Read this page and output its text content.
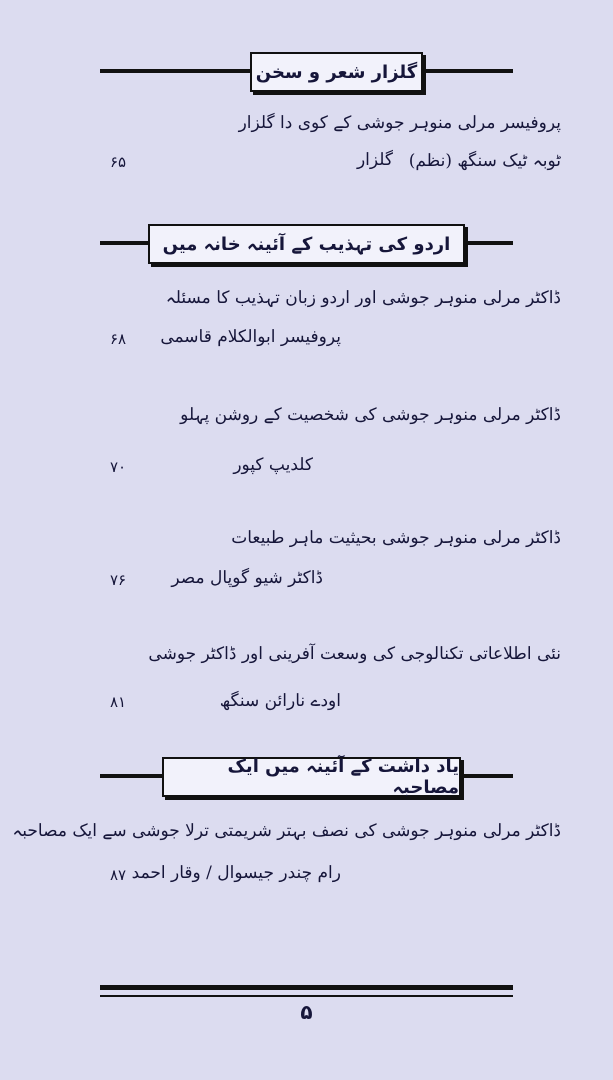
گلزار شعر و سخن
پروفیسر مرلی منوہر جوشی کے کوی دا گلزار
ٹوبہ ٹیک سنگھ (نظم)
گلزار
۶۵
اردو کی تہذیب کے آئینہ خانہ میں
ڈاکٹر مرلی منوہر جوشی اور اردو زبان تہذیب کا مسئلہ
پروفیسر ابوالکلام قاسمی
۶۸
ڈاکٹر مرلی منوہر جوشی کی شخصیت کے روشن پہلو
کلدیپ کپور
۷۰
ڈاکٹر مرلی منوہر جوشی بحیثیت ماہر طبیعات
ڈاکٹر شیو گوپال مصر
۷۶
نئی اطلاعاتی تکنالوجی کی وسعت آفرینی اور ڈاکٹر جوشی
اودے نارائن سنگھ
۸۱
یاد داشت کے آئینہ میں ایک مصاحبہ
ڈاکٹر مرلی منوہر جوشی کی نصف بہتر شریمتی ترلا جوشی سے ایک مصاحبہ
رام چندر جیسوال / وقار احمد
۸۷
۵
